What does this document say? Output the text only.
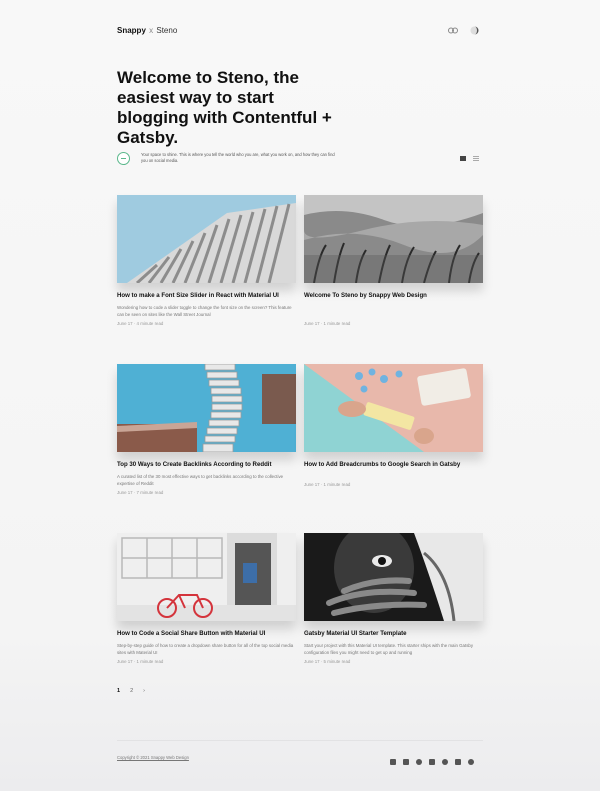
Snappy x Steno
Welcome to Steno, the easiest way to start blogging with Contentful + Gatsby.

Your space to shine. This is where you tell the world who you are, what you work on, and how they can find you on social media.

How to make a Font Size Slider in React with Material UI
Wondering how to code a slider toggle to change the font size on the screen? This feature can be seen on sites like the Wall Street Journal
June 17 · 4 minute read
Welcome To Steno by Snappy Web Design
June 17 · 1 minute read
Top 30 Ways to Create Backlinks According to Reddit
A curated list of the 30 most effective ways to get backlinks according to the collective expertise of Reddit
June 17 · 7 minute read
How to Add Breadcrumbs to Google Search in Gatsby
June 17 · 1 minute read
How to Code a Social Share Button with Material UI
Step-by-step guide of how to create a dropdown share button for all of the top social media sites with Material UI
June 17 · 1 minute read
Gatsby Material UI Starter Template
Start your project with this Material UI template. This starter ships with the main Gatsby configuration files you might need to get up and running
June 17 · 5 minute read
1 2 ›
Copyright © 2021 Snappy Web Design
